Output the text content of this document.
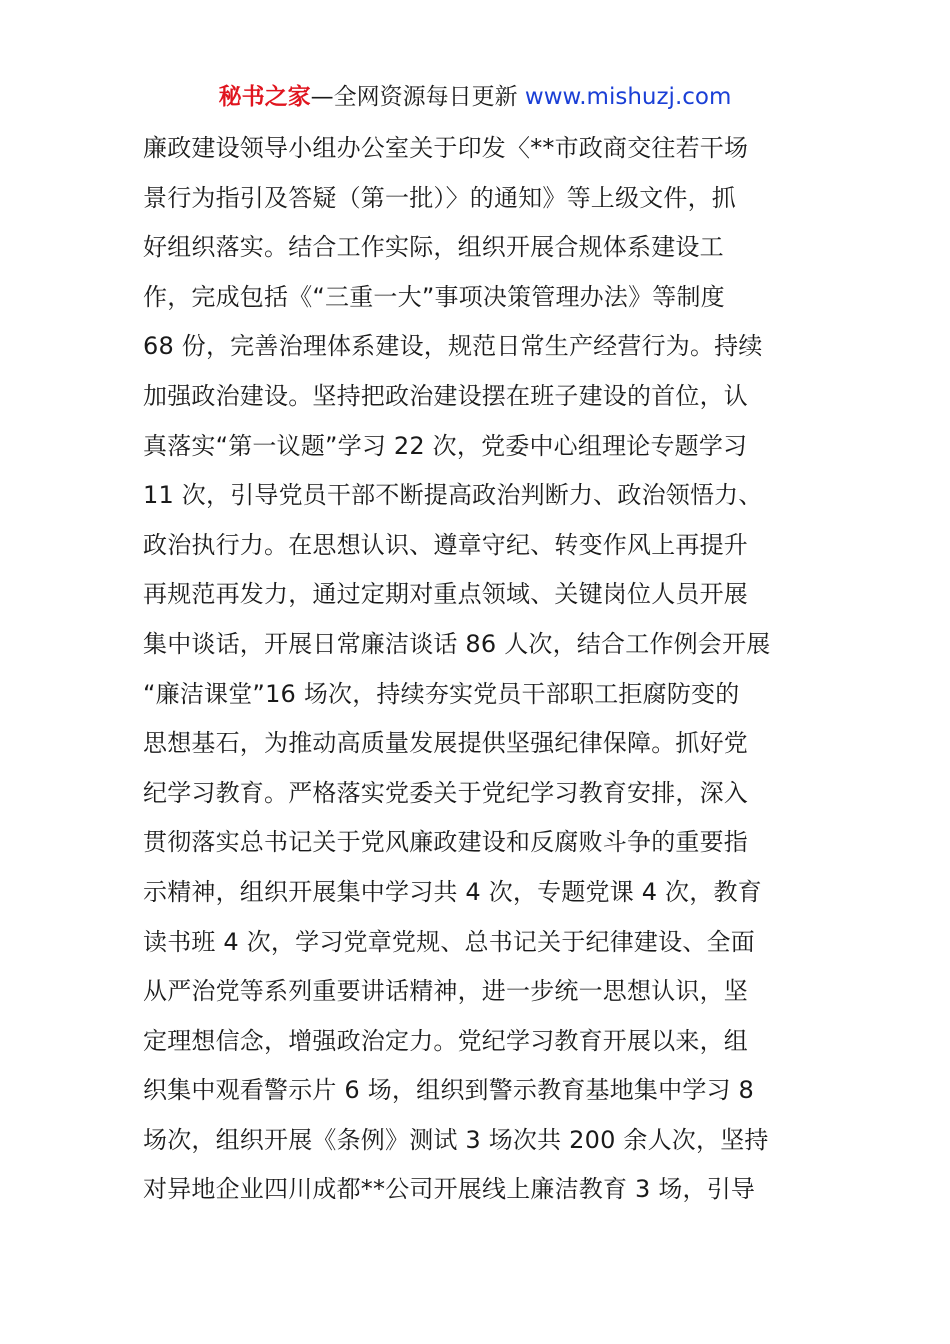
秘书之家—全网资源每日更新 www.mishuzj.com
廉政建设领导小组办公室关于印发〈**市政商交往若干场
景行为指引及答疑（第一批）〉的通知》等上级文件，抓
好组织落实。结合工作实际，组织开展合规体系建设工
作，完成包括《“三重一大”事项决策管理办法》等制度
68 份，完善治理体系建设，规范日常生产经营行为。持续
加强政治建设。坚持把政治建设摆在班子建设的首位，认
真落实“第一议题”学习 22 次，党委中心组理论专题学习
11 次，引导党员干部不断提高政治判断力、政治领悟力、
政治执行力。在思想认识、遵章守纪、转变作风上再提升
再规范再发力，通过定期对重点领域、关键岗位人员开展
集中谈话，开展日常廉洁谈话 86 人次，结合工作例会开展
“廉洁课堂”16 场次，持续夯实党员干部职工拒腐防变的
思想基石，为推动高质量发展提供坚强纪律保障。抓好党
纪学习教育。严格落实党委关于党纪学习教育安排，深入
贯彻落实总书记关于党风廉政建设和反腐败斗争的重要指
示精神，组织开展集中学习共 4 次，专题党课 4 次，教育
读书班 4 次，学习党章党规、总书记关于纪律建设、全面
从严治党等系列重要讲话精神，进一步统一思想认识，坚
定理想信念，增强政治定力。党纪学习教育开展以来，组
织集中观看警示片 6 场，组织到警示教育基地集中学习 8
场次，组织开展《条例》测试 3 场次共 200 余人次，坚持
对异地企业四川成都**公司开展线上廉洁教育 3 场，引导
